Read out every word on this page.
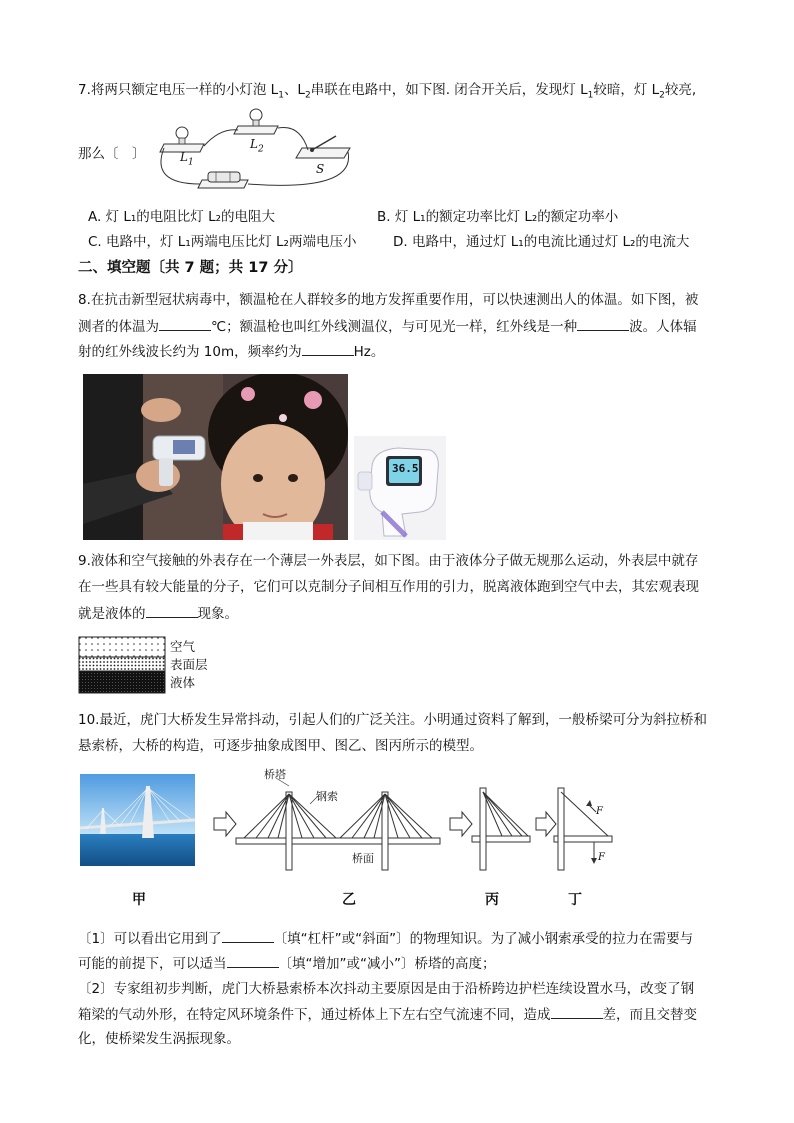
7.将两只额定电压一样的小灯泡 $L_1$、$L_2$串联在电路中，如下图. 闭合开关后，发现灯 $L_1$较暗，灯 $L_2$较亮,
那么〔　〕	$L_1$
$L_2$
S
A. 灯 L₁的电阻比灯 L₂的电阻大	B. 灯 L₁的额定功率比灯 L₂的额定功率小
C. 电路中，灯 L₁两端电压比灯 L₂两端电压小	D. 电路中，通过灯 L₁的电流比通过灯 L₂的电流大
二、填空题〔共 7 题；共 17 分〕
8.在抗击新型冠状病毒中，额温枪在人群较多的地方发挥重要作用，可以快速测出人的体温。如下图，被
测者的体温为	℃；额温枪也叫红外线测温仪，与可见光一样，红外线是一种	波。人体辐
射的红外线波长约为 10m，频率约为	Hz。
36.5
9.液体和空气接触的外表存在一个薄层一外表层，如下图。由于液体分子做无规那么运动，外表层中就存
在一些具有较大能量的分子，它们可以克制分子间相互作用的引力，脱离液体跑到空气中去，其宏观表现
就是液体的	现象。
空气
表面层
液体
10.最近，虎门大桥发生异常抖动，引起人们的广泛关注。小明通过资料了解到，一般桥梁可分为斜拉桥和
悬索桥，大桥的构造，可逐步抽象成图甲、图乙、图丙所示的模型。
桥塔
钢索
桥面
F
F
甲	乙	丙	丁
〔1〕可以看出它用到了	〔填“杠杆”或“斜面”〕的物理知识。为了减小钢索承受的拉力在需要与
可能的前提下，可以适当	〔填“增加”或“减小”〕桥塔的高度；
〔2〕专家组初步判断，虎门大桥悬索桥本次抖动主要原因是由于沿桥跨边护栏连续设置水马，改变了钢
箱梁的气动外形，在特定风环境条件下，通过桥体上下左右空气流速不同，造成	差，而且交替变
化，使桥梁发生涡振现象。
